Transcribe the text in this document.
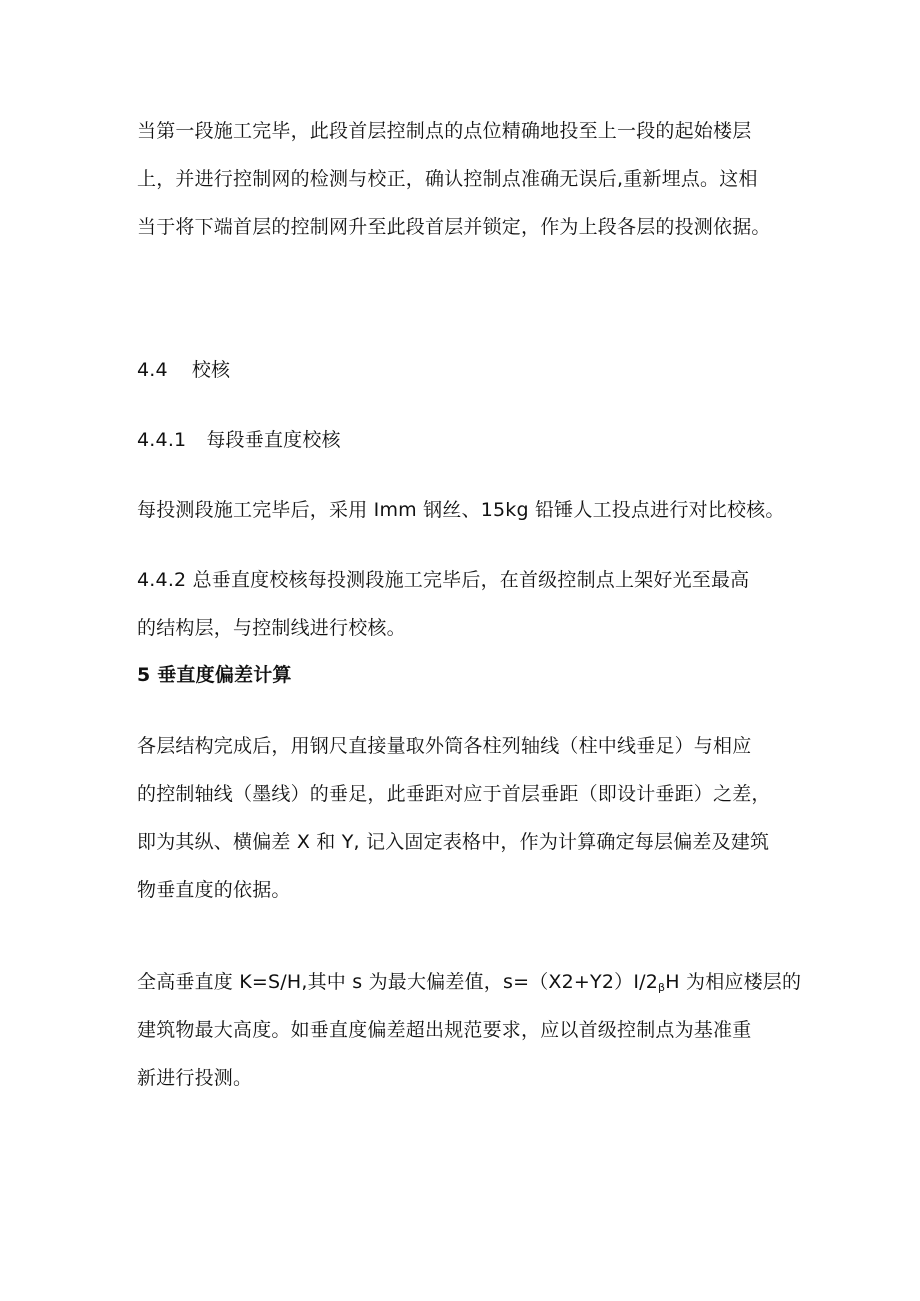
当第一段施工完毕，此段首层控制点的点位精确地投至上一段的起始楼层
上，并进行控制网的检测与校正，确认控制点准确无误后,重新埋点。这相
当于将下端首层的控制网升至此段首层并锁定，作为上段各层的投测依据。
4.4 校核
4.4.1 每段垂直度校核
每投测段施工完毕后，采用 Imm 钢丝、15kg 铅锤人工投点进行对比校核。
4.4.2 总垂直度校核每投测段施工完毕后，在首级控制点上架好光至最高
的结构层，与控制线进行校核。
5 垂直度偏差计算
各层结构完成后，用钢尺直接量取外筒各柱列轴线（柱中线垂足）与相应
的控制轴线（墨线）的垂足，此垂距对应于首层垂距（即设计垂距）之差，
即为其纵、横偏差 X 和 Y, 记入固定表格中，作为计算确定每层偏差及建筑
物垂直度的依据。
全高垂直度 K=S/H,其中 s 为最大偏差值，$s=(X2+Y2)I/2_\beta H$ 为相应楼层的
建筑物最大高度。如垂直度偏差超出规范要求，应以首级控制点为基准重
新进行投测。
